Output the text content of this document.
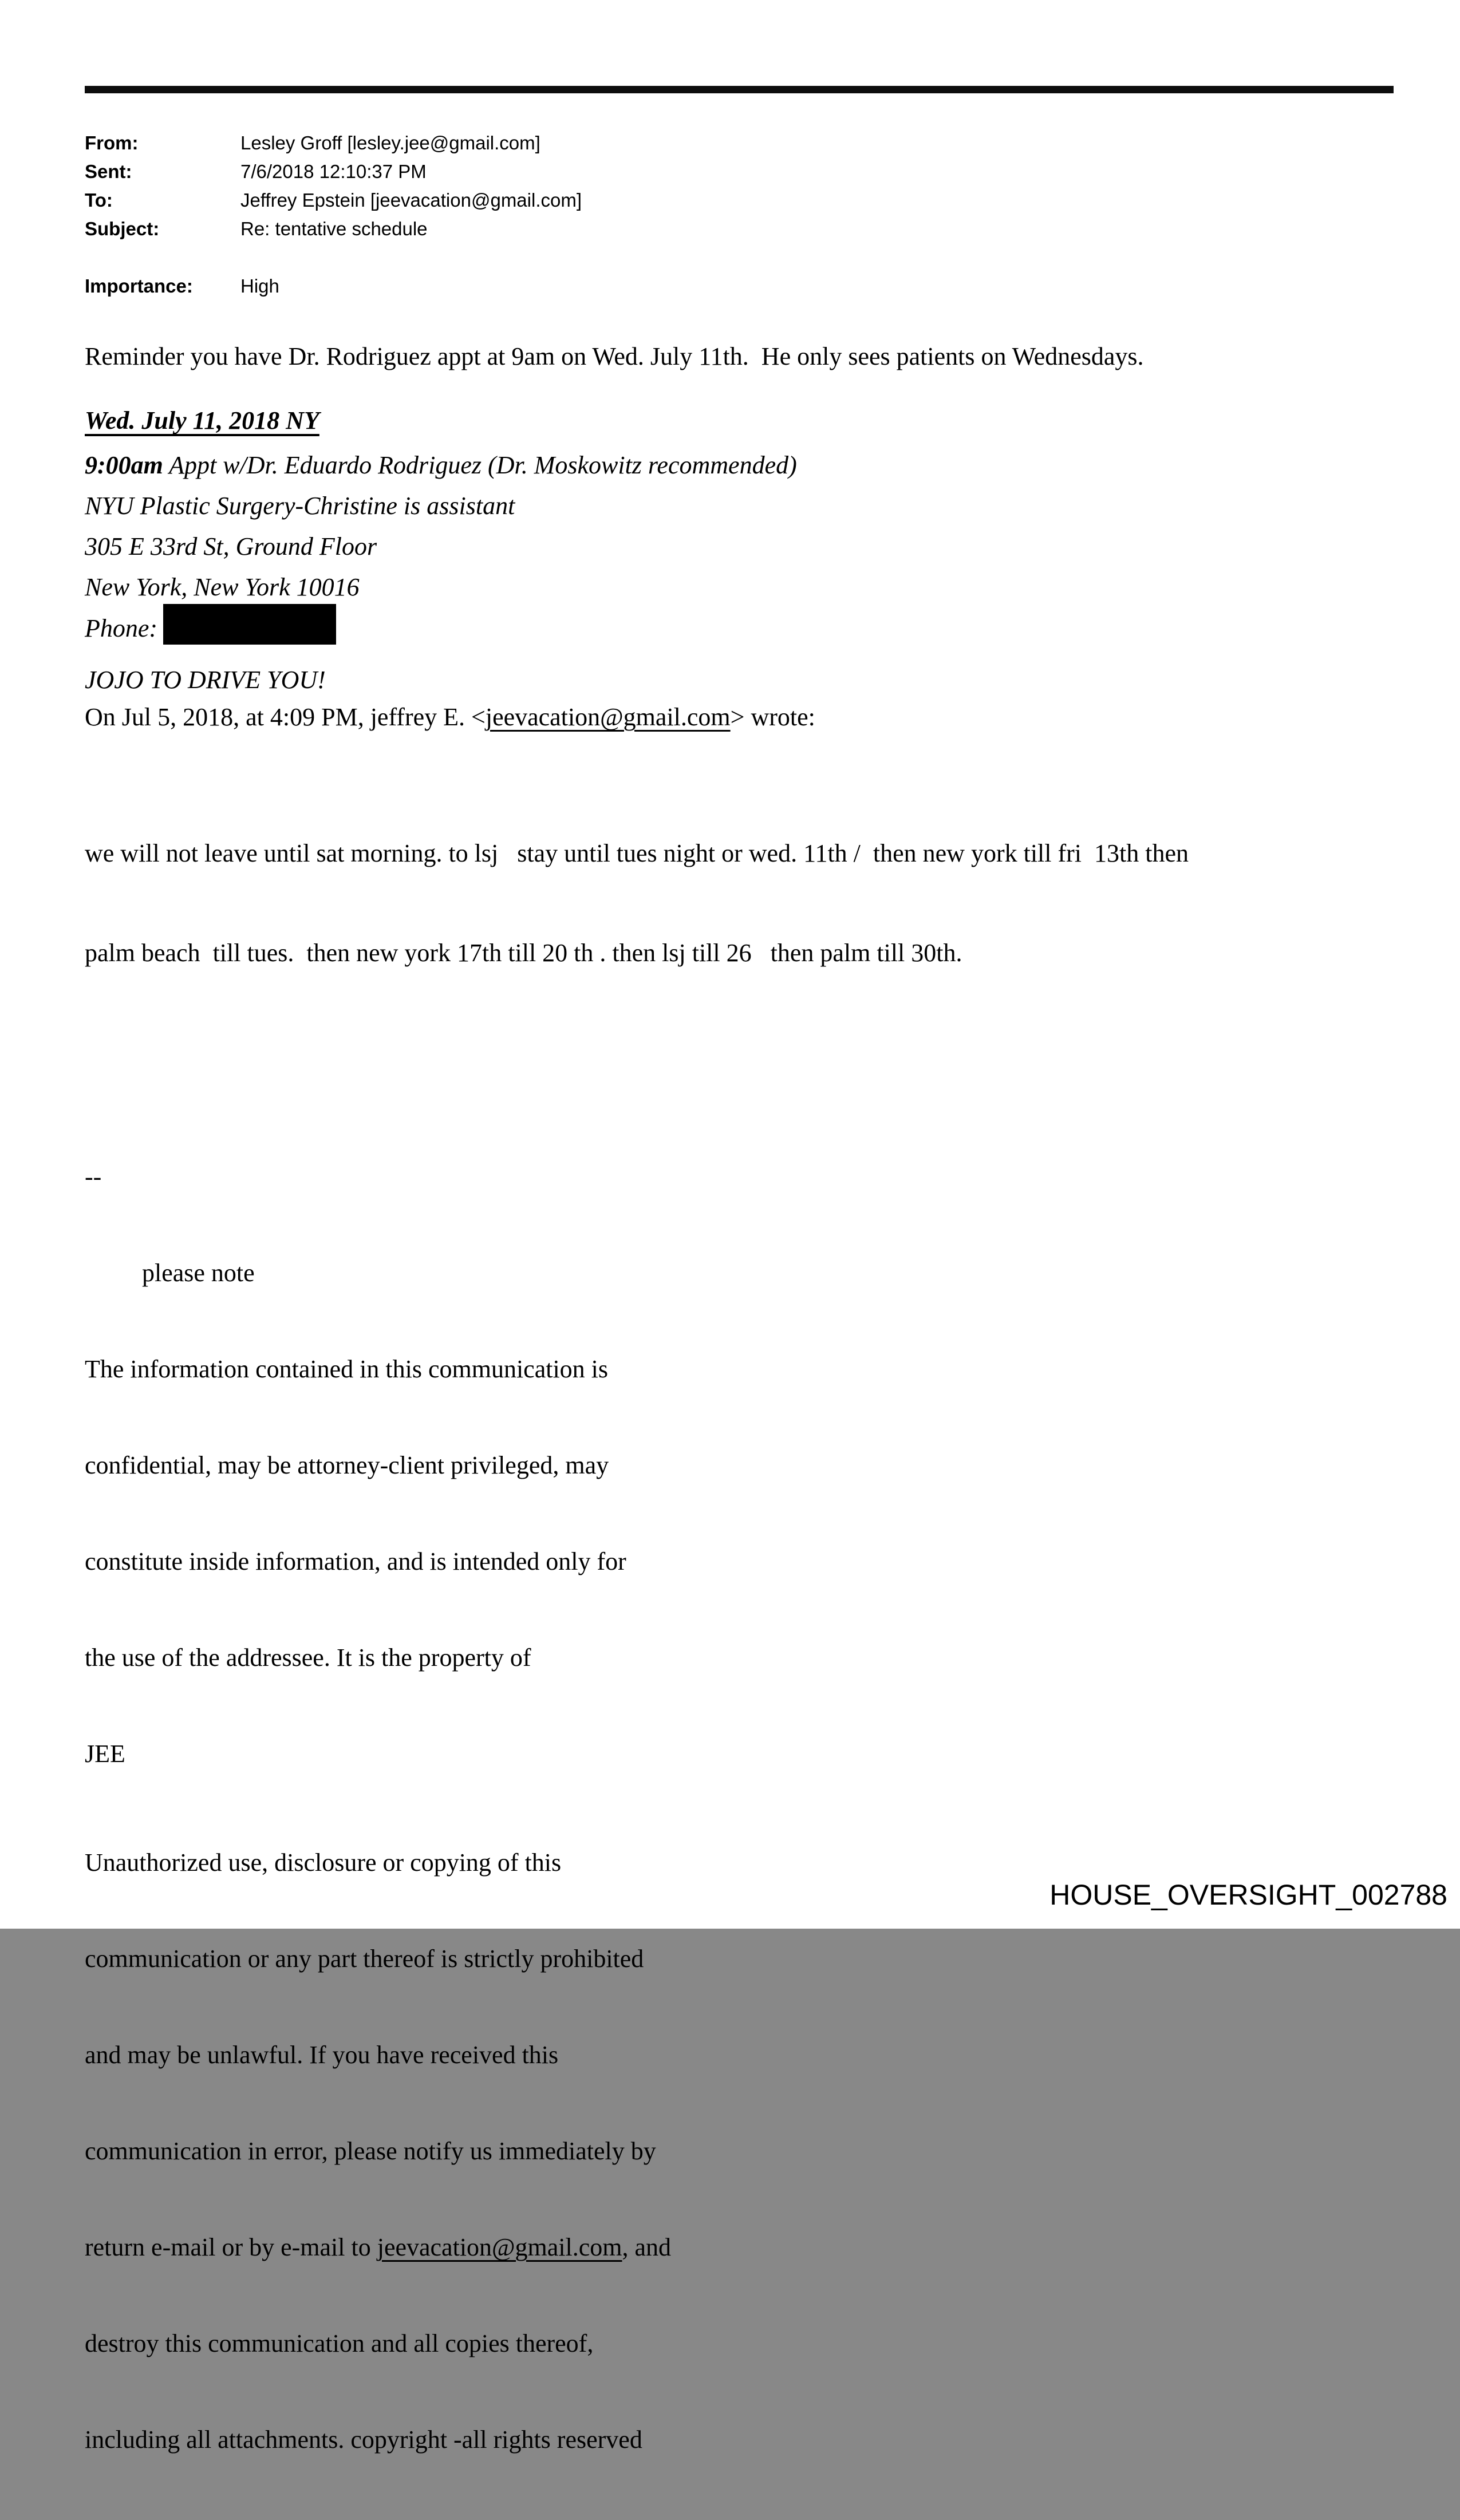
From:	Lesley Groff [lesley.jee@gmail.com]
Sent:	7/6/2018 12:10:37 PM
To:	Jeffrey Epstein [jeevacation@gmail.com]
Subject:	Re: tentative schedule
Importance:	High
Reminder you have Dr. Rodriguez appt at 9am on Wed. July 11th.  He only sees patients on Wednesdays.
Wed. July 11, 2018 NY
9:00am Appt w/Dr. Eduardo Rodriguez (Dr. Moskowitz recommended)
NYU Plastic Surgery-Christine is assistant
305 E 33rd St, Ground Floor
New York, New York 10016
Phone:
JOJO TO DRIVE YOU!
On Jul 5, 2018, at 4:09 PM, jeffrey E. <jeevacation@gmail.com> wrote:

we will not leave until sat morning. to lsj   stay until tues night or wed. 11th /  then new york till fri  13th then

palm beach  till tues.  then new york 17th till 20 th . then lsj till 26   then palm till 30th.

--

please note

The information contained in this communication is

confidential, may be attorney-client privileged, may

constitute inside information, and is intended only for

the use of the addressee. It is the property of

JEE

Unauthorized use, disclosure or copying of this

communication or any part thereof is strictly prohibited

and may be unlawful. If you have received this

communication in error, please notify us immediately by

return e-mail or by e-mail to jeevacation@gmail.com, and

destroy this communication and all copies thereof,

including all attachments. copyright -all rights reserved

HOUSE_OVERSIGHT_002788
